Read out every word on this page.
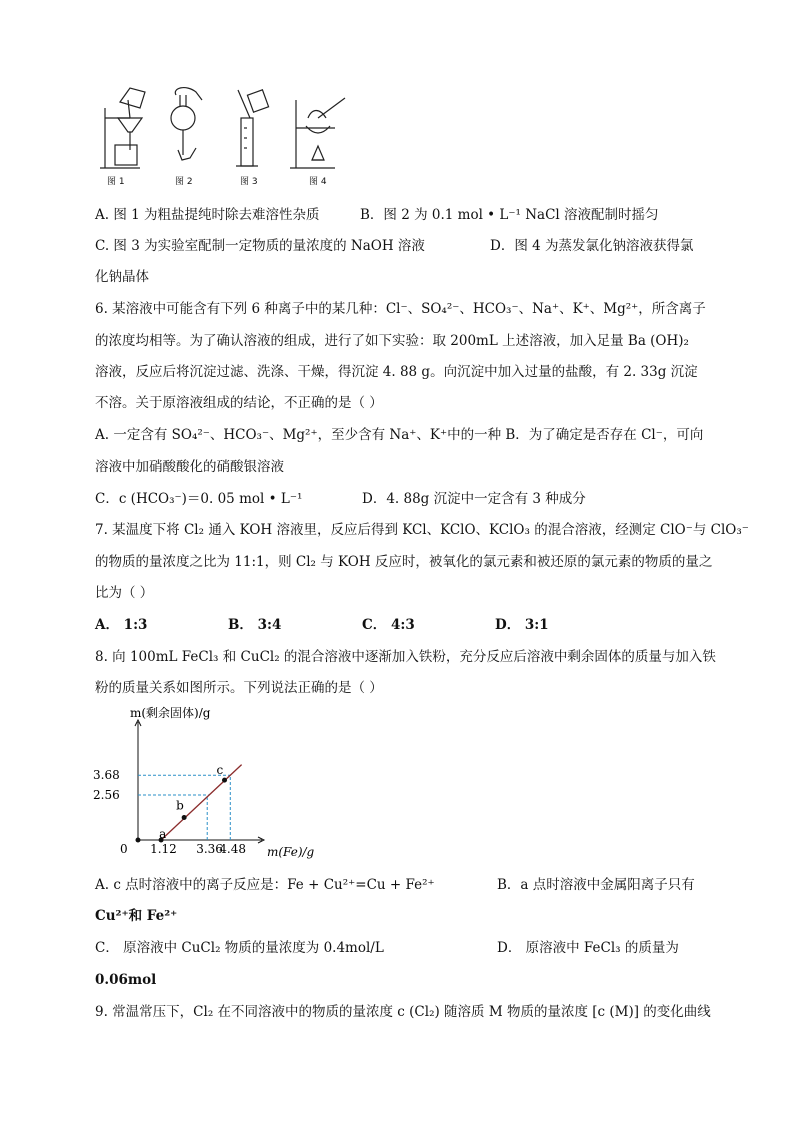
图 1	图 2	图 3	图 4
A. 图 1 为粗盐提纯时除去难溶性杂质	B．图 2 为 0.1 mol • L⁻¹ NaCl 溶液配制时摇匀
C. 图 3 为实验室配制一定物质的量浓度的 NaOH 溶液	D．图 4 为蒸发氯化钠溶液获得氯
化钠晶体
6. 某溶液中可能含有下列 6 种离子中的某几种：Cl⁻、SO₄²⁻、HCO₃⁻、Na⁺、K⁺、Mg²⁺，所含离子
的浓度均相等。为了确认溶液的组成，进行了如下实验：取 200mL 上述溶液，加入足量 Ba (OH)₂
溶液，反应后将沉淀过滤、洗涤、干燥，得沉淀 4. 88 g。向沉淀中加入过量的盐酸，有 2. 33g 沉淀
不溶。关于原溶液组成的结论，不正确的是（ ）
A. 一定含有 SO₄²⁻、HCO₃⁻、Mg²⁺，至少含有 Na⁺、K⁺中的一种 B．为了确定是否存在 Cl⁻，可向
溶液中加硝酸酸化的硝酸银溶液
C．c (HCO₃⁻)＝0. 05 mol • L⁻¹	D．4. 88g 沉淀中一定含有 3 种成分
7. 某温度下将 Cl₂ 通入 KOH 溶液里，反应后得到 KCl、KClO、KClO₃ 的混合溶液，经测定 ClO⁻与 ClO₃⁻
的物质的量浓度之比为 11:1，则 Cl₂ 与 KOH 反应时，被氧化的氯元素和被还原的氯元素的物质的量之
比为（ ）
A． 1:3	B． 3:4	C． 4:3	D． 3:1
8. 向 100mL FeCl₃ 和 CuCl₂ 的混合溶液中逐渐加入铁粉，充分反应后溶液中剩余固体的质量与加入铁
粉的质量关系如图所示。下列说法正确的是（ ）
a
b
c
2.56
3.68
1.12 3.36
4.48
m(剩余固体)/g
m(Fe)/g
0
A. c 点时溶液中的离子反应是：Fe + Cu²⁺=Cu + Fe²⁺	B．a 点时溶液中金属阳离子只有
Cu²⁺和 Fe²⁺
C． 原溶液中 CuCl₂ 物质的量浓度为 0.4mol/L	D． 原溶液中 FeCl₃ 的质量为
0.06mol
9. 常温常压下，Cl₂ 在不同溶液中的物质的量浓度 c (Cl₂) 随溶质 M 物质的量浓度 [c (M)] 的变化曲线
